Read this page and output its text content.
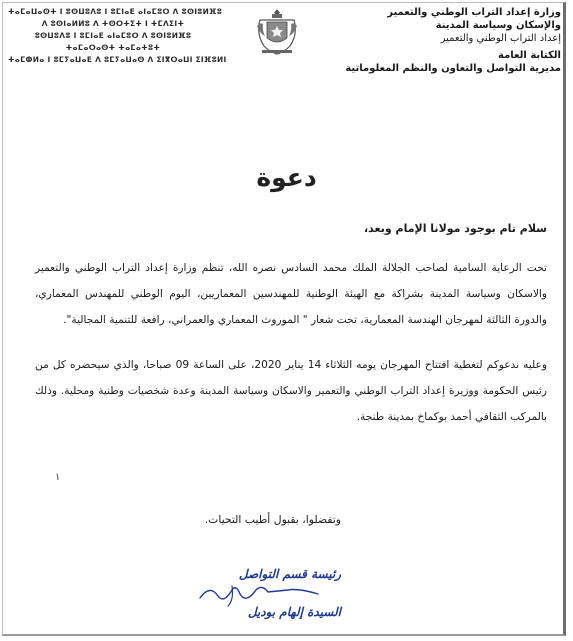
ⵜⴰⵎⴰⵡⴰⵙⵜ ⵏ ⵓⵙⵡⵓⴷⵓ ⵏ ⵓⵎⵏⴰⴹ ⴰⵏⴰⵎⵓⵔ ⴷ ⵓⵙⵏⵓⵍⴼⵓ
ⴷ ⵓⵙⵏⴰⵍⵍⵓ ⴷ ⵜⵙⵔⵜⵉⵜ ⵏ ⵜⵎⴷⵉⵏⵜ
ⵓⵙⵡⵓⴷⵓ ⵏ ⵓⵎⵏⴰⴹ ⴰⵏⴰⵎⵓⵔ ⴷ ⵓⵙⵏⵓⵍⴼⵓ
ⵜⴰⵎⴰⵔⴰⵙⵜ ⵜⴰⵎⴰⵜⵓⵜ
ⵜⴰⵎⵀⵍⴰ ⵏ ⵓⵎⵢⴰⵡⴰⴹ ⴷ ⵓⵎⵢⴰⵡⴰⵙ ⴷ ⵉⵏⴳⵔⴰⵡⵏ ⵉⵏⴼⵓⵍⵏ
وزارة إعداد التراب الوطني والتعمير
والإسكان وسياسة المدينة
إعداد التراب الوطني والتعمير
الكتابة العامة
مديرية التواصل والتعاون والنظم المعلوماتية
دعوة
سلام تام بوجود مولانا الإمام وبعد،
تحت الرعاية السامية لصاحب الجلالة الملك محمد السادس نصره الله، تنظم وزارة إعداد التراب الوطني والتعمير والاسكان وسياسة المدينة بشراكة مع الهيئة الوطنية للمهندسين المعماريين، اليوم الوطني للمهندس المعماري، والدورة الثالثة لمهرجان الهندسة المعمارية، تحت شعار " الموروث المعماري والعمراني، رافعة للتنمية المجالية".
وعليه ندعوكم لتغطية افتتاح المهرجان يومه الثلاثاء 14 يناير 2020، على الساعة 09 صباحا، والذي سيحضره كل من رئيس الحكومة ووزيرة إعداد التراب الوطني والتعمير والاسكان وسياسة المدينة وعدة شخصيات وطنية ومحلية. وذلك بالمركب الثقافي أحمد بوكماخ بمدينة طنجة.
١
وتفضلوا، بقبول أطيب التحيات.
رئيسة قسم التواصل
السيدة إلهام بوديل
